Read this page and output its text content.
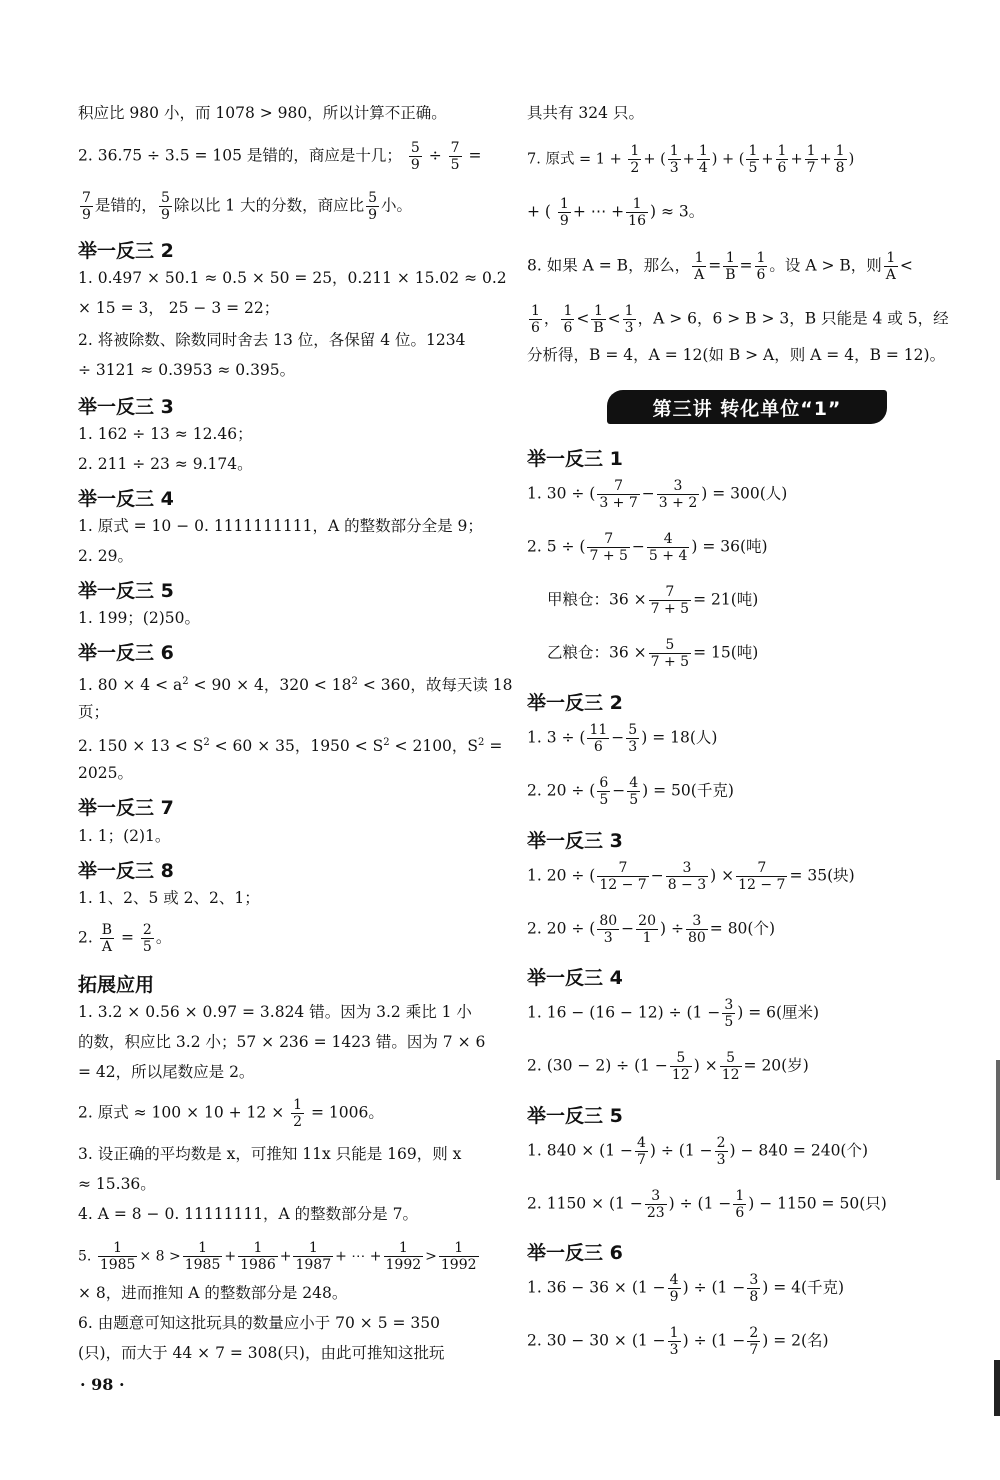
积应比 980 小，而 1078 > 980，所以计算不正确。
2. 36.75 ÷ 3.5 = 105 是错的，商应是十几； $\frac{5}{9} \div \frac{7}{5}$ =
$\frac{7}{9}$ 是错的， $\frac{5}{9}$ 除以比 1 大的分数，商应比 $\frac{5}{9}$ 小。
举一反三 2
1. 0.497 × 50.1 ≈ 0.5 × 50 = 25，0.211 × 15.02 ≈ 0.2
× 15 = 3， 25 − 3 = 22；
2. 将被除数、除数同时舍去 13 位，各保留 4 位。1234
÷ 3121 ≈ 0.3953 ≈ 0.395。
举一反三 3
1. 162 ÷ 13 ≈ 12.46；
2. 211 ÷ 23 ≈ 9.174。
举一反三 4
1. 原式 = 10 − 0. 1111111111，A 的整数部分全是 9；
2. 29。
举一反三 5
1. 199；(2)50。
举一反三 6
1. $80 \times 4 < a^2 < 90 \times 4$，$320 < 18^2 < 360$，故每天读 18
页；
2. $150 \times 13 < S^2 < 60 \times 35$，$1950 < S^2 < 2100$，$S^2$ =
2025。
举一反三 7
1. 1；(2)1。
举一反三 8
1. 1、2、5 或 2、2、1；
2. $\frac{B}{A} = \frac{2}{5}$ 。
拓展应用
1. 3.2 × 0.56 × 0.97 = 3.824 错。因为 3.2 乘比 1 小
的数，积应比 3.2 小；57 × 236 = 1423 错。因为 7 × 6
= 42，所以尾数应是 2。
2. 原式 ≈ $100 \times 10 + 12 \times \frac{1}{2} = 1006$。
3. 设正确的平均数是 x，可推知 11x 只能是 169，则 x
≈ 15.36。
4. A = 8 − 0. 11111111，A 的整数部分是 7。
5. $\frac{1}{1985} \times 8 > \frac{1}{1985} + \frac{1}{1986} + \frac{1}{1987}$ + ⋯ + $\frac{1}{1992} > \frac{1}{1992}$
× 8，进而推知 A 的整数部分是 248。
6. 由题意可知这批玩具的数量应小于 70 × 5 = 350
(只)，而大于 44 × 7 = 308(只)，由此可推知这批玩
· 98 ·
具共有 324 只。
7. 原式 = $1 + \frac{1}{2}$ + ( $\frac{1}{3} + \frac{1}{4}$ ) + ( $\frac{1}{5} + \frac{1}{6} + \frac{1}{7} + \frac{1}{8}$ )
+ ( $\frac{1}{9}$ + ⋯ + $\frac{1}{16}$ ) ≈ 3。
8. 如果 A = B，那么， $\frac{1}{A} = \frac{1}{B} = \frac{1}{6}$ 。设 A > B，则 $\frac{1}{A}$ <
$\frac{1}{6}$ ， $\frac{1}{6} < \frac{1}{B} < \frac{1}{3}$ ，A > 6，6 > B > 3，B 只能是 4 或 5，经
分析得，B = 4，A = 12(如 B > A，则 A = 4，B = 12)。
第三讲 转化单位“1”
举一反三 1
1. 30 ÷ ( $\frac{7}{3 + 7} - \frac{3}{3 + 2}$ ) = 300(人)
2. 5 ÷ ( $\frac{7}{7 + 5} - \frac{4}{5 + 4}$ ) = 36(吨)
甲粮仓：$36 \times \frac{7}{7 + 5} = 21$(吨)
乙粮仓：$36 \times \frac{5}{7 + 5} = 15$(吨)
举一反三 2
1. 3 ÷ ( $\frac{11}{6} - \frac{5}{3}$ ) = 18(人)
2. 20 ÷ ( $\frac{6}{5} - \frac{4}{5}$ ) = 50(千克)
举一反三 3
1. 20 ÷ ( $\frac{7}{12 - 7} - \frac{3}{8 - 3}$ ) × $\frac{7}{12 - 7} = 35$(块)
2. 20 ÷ ( $\frac{80}{3} - \frac{20}{1}$ ) ÷ $\frac{3}{80} = 80$(个)
举一反三 4
1. $16 - (16 - 12) \div (1 - \frac{3}{5}$ ) = 6(厘米)
2. $(30 - 2) \div (1 - \frac{5}{12}$ ) × $\frac{5}{12} = 20$(岁)
举一反三 5
1. $840 \times (1 - \frac{4}{7}$ ) ÷ ($1 - \frac{2}{3}$ ) − 840 = 240(个)
2. $1150 \times (1 - \frac{3}{23}$ ) ÷ ($1 - \frac{1}{6}$ ) − 1150 = 50(只)
举一反三 6
1. $36 - 36 \times (1 - \frac{4}{9}$ ) ÷ ($1 - \frac{3}{8}$ ) = 4(千克)
2. $30 - 30 \times (1 - \frac{1}{3}$ ) ÷ ($1 - \frac{2}{7}$ ) = 2(名)
